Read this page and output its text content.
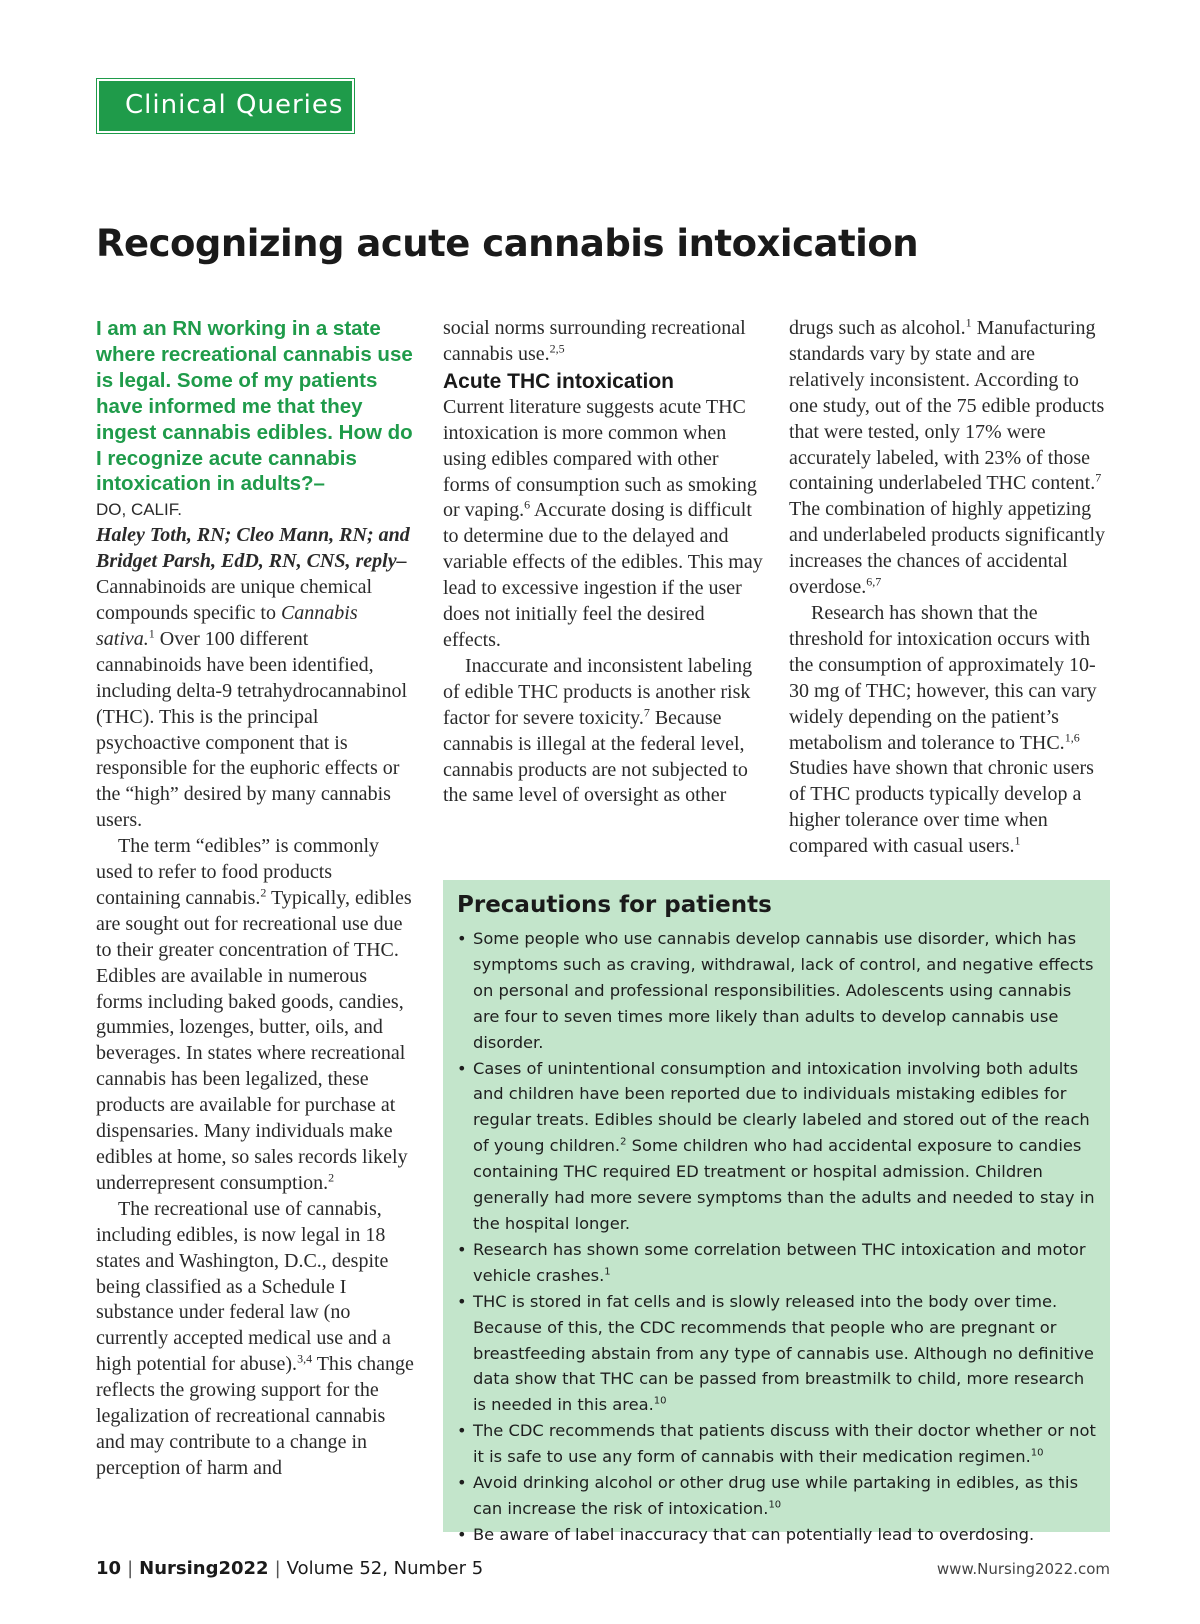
Clinical Queries
Recognizing acute cannabis intoxication

I am an RN working in a state where recreational cannabis use is legal. Some of my patients have informed me that they ingest cannabis edibles. How do I recognize acute cannabis intoxication in adults?–

DO, CALIF.

Haley Toth, RN; Cleo Mann, RN; and Bridget Parsh, EdD, RN, CNS, reply–Cannabinoids are unique chemical compounds specific to Cannabis sativa.$^1$ Over 100 different cannabinoids have been identified, including delta-9 tetrahydrocannabinol (THC). This is the principal psychoactive component that is responsible for the euphoric effects or the “high” desired by many cannabis users.

The term “edibles” is commonly used to refer to food products containing cannabis.$^2$ Typically, edibles are sought out for recreational use due to their greater concentration of THC. Edibles are available in numerous forms including baked goods, candies, gummies, lozenges, butter, oils, and beverages. In states where recreational cannabis has been legalized, these products are available for purchase at dispensaries. Many individuals make edibles at home, so sales records likely underrepresent consumption.$^2$

The recreational use of cannabis, including edibles, is now legal in 18 states and Washington, D.C., despite being classified as a Schedule I substance under federal law (no currently accepted medical use and a high potential for abuse).$^{3,4}$ This change reflects the growing support for the legalization of recreational cannabis and may contribute to a change in perception of harm and

social norms surrounding recreational cannabis use.$^{2,5}$

Acute THC intoxication

Current literature suggests acute THC intoxication is more common when using edibles compared with other forms of consumption such as smoking or vaping.$^6$ Accurate dosing is difficult to determine due to the delayed and variable effects of the edibles. This may lead to excessive ingestion if the user does not initially feel the desired effects.

Inaccurate and inconsistent labeling of edible THC products is another risk factor for severe toxicity.$^7$ Because cannabis is illegal at the federal level, cannabis products are not subjected to the same level of oversight as other

drugs such as alcohol.$^1$ Manufacturing standards vary by state and are relatively inconsistent. According to one study, out of the 75 edible products that were tested, only 17% were accurately labeled, with 23% of those containing underlabeled THC content.$^7$ The combination of highly appetizing and underlabeled products significantly increases the chances of accidental overdose.$^{6,7}$

Research has shown that the threshold for intoxication occurs with the consumption of approximately 10-30 mg of THC; however, this can vary widely depending on the patient’s metabolism and tolerance to THC.$^{1,6}$ Studies have shown that chronic users of THC products typically develop a higher tolerance over time when compared with casual users.$^1$

Precautions for patients

• Some people who use cannabis develop cannabis use disorder, which has symptoms such as craving, withdrawal, lack of control, and negative effects on personal and professional responsibilities. Adolescents using cannabis are four to seven times more likely than adults to develop cannabis use disorder.
• Cases of unintentional consumption and intoxication involving both adults and children have been reported due to individuals mistaking edibles for regular treats. Edibles should be clearly labeled and stored out of the reach of young children.$^2$ Some children who had accidental exposure to candies containing THC required ED treatment or hospital admission. Children generally had more severe symptoms than the adults and needed to stay in the hospital longer.
• Research has shown some correlation between THC intoxication and motor vehicle crashes.$^1$
• THC is stored in fat cells and is slowly released into the body over time. Because of this, the CDC recommends that people who are pregnant or breastfeeding abstain from any type of cannabis use. Although no definitive data show that THC can be passed from breastmilk to child, more research is needed in this area.$^{10}$
• The CDC recommends that patients discuss with their doctor whether or not it is safe to use any form of cannabis with their medication regimen.$^{10}$
• Avoid drinking alcohol or other drug use while partaking in edibles, as this can increase the risk of intoxication.$^{10}$
• Be aware of label inaccuracy that can potentially lead to overdosing.
10 | Nursing2022 | Volume 52, Number 5	www.Nursing2022.com
